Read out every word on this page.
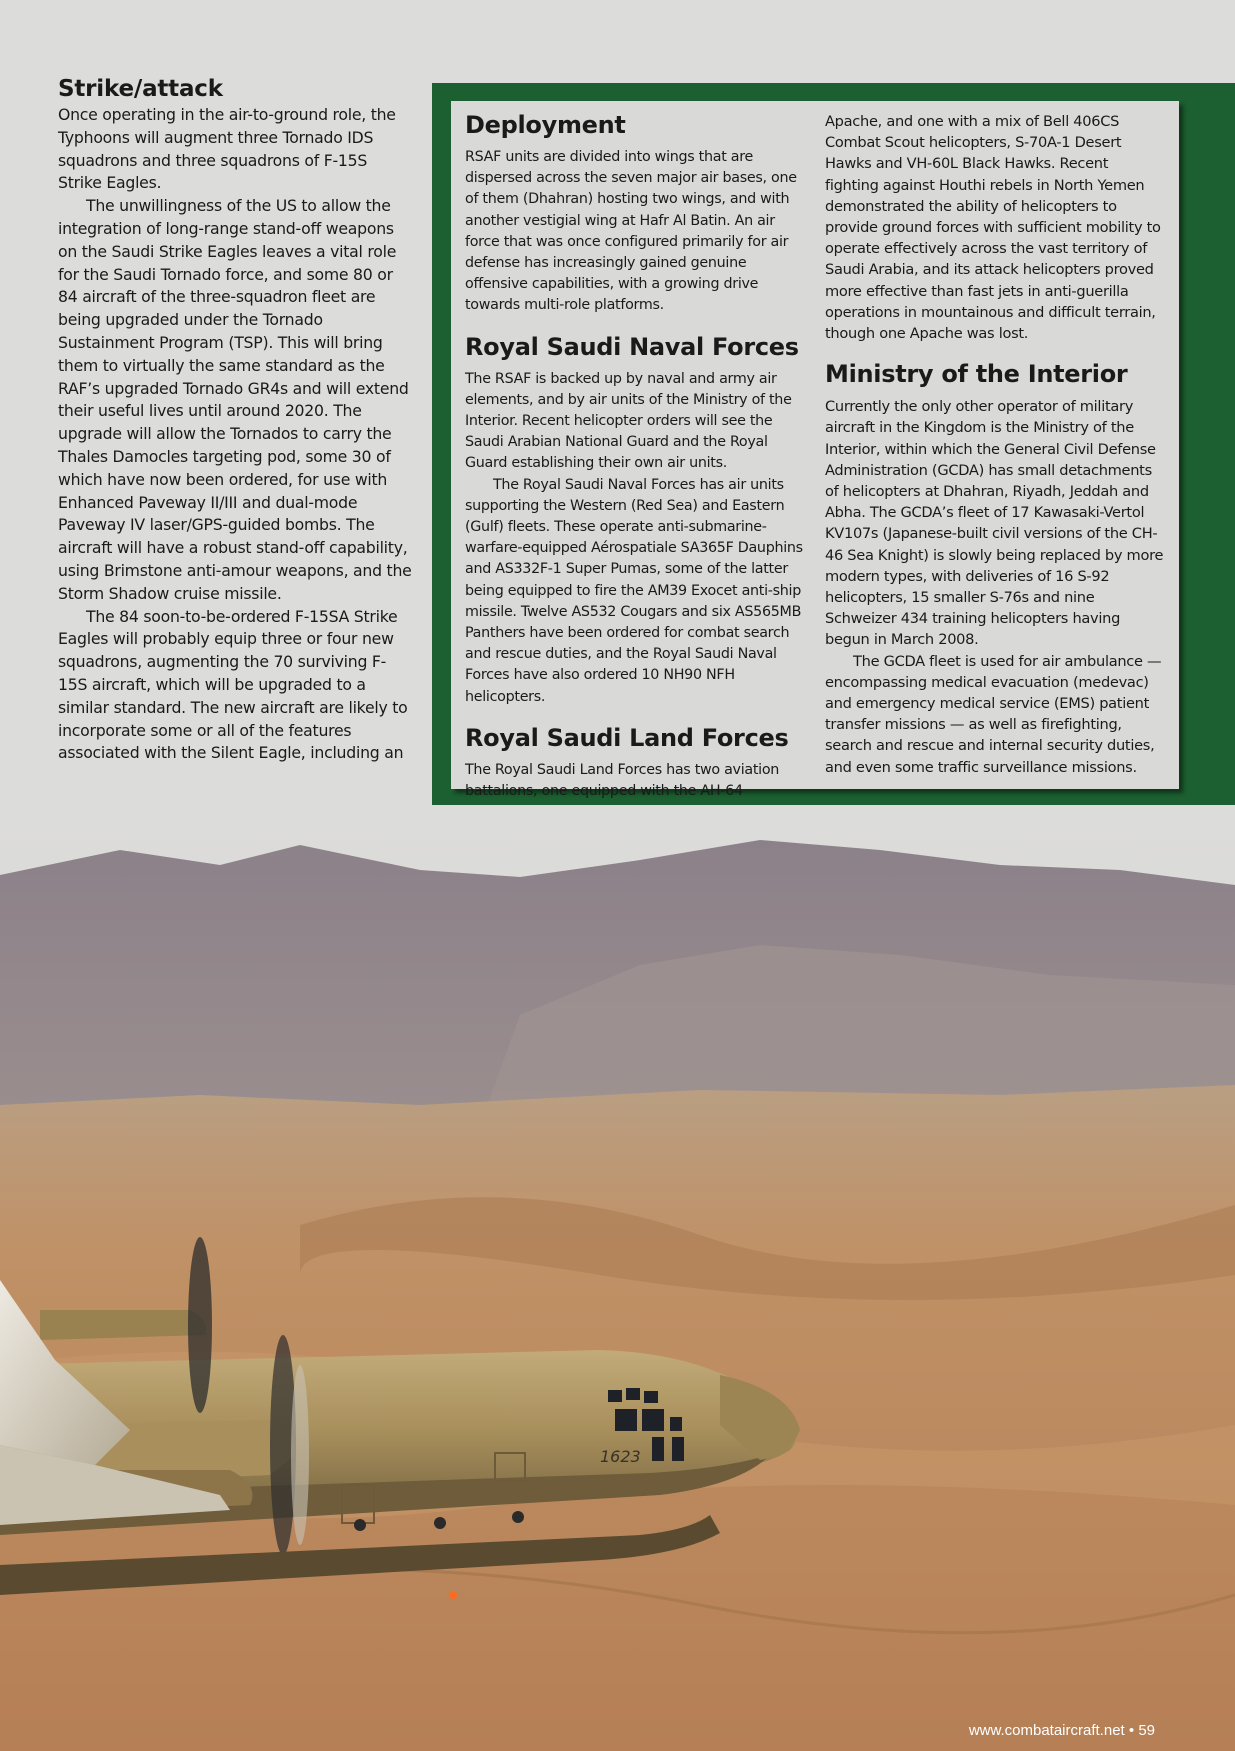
Strike/attack

Once operating in the air-to-ground role, the Typhoons will augment three Tornado IDS squadrons and three squadrons of F-15S Strike Eagles.

The unwillingness of the US to allow the integration of long-range stand-off weapons on the Saudi Strike Eagles leaves a vital role for the Saudi Tornado force, and some 80 or 84 aircraft of the three-squadron fleet are being upgraded under the Tornado Sustainment Program (TSP). This will bring them to virtually the same standard as the RAF’s upgraded Tornado GR4s and will extend their useful lives until around 2020. The upgrade will allow the Tornados to carry the Thales Damocles targeting pod, some 30 of which have now been ordered, for use with Enhanced Paveway II/III and dual-mode Paveway IV laser/GPS-guided bombs. The aircraft will have a robust stand-off capability, using Brimstone anti-amour weapons, and the Storm Shadow cruise missile.

The 84 soon-to-be-ordered F-15SA Strike Eagles will probably equip three or four new squadrons, augmenting the 70 surviving F-15S aircraft, which will be upgraded to a similar standard. The new aircraft are likely to incorporate some or all of the features associated with the Silent Eagle, including an

Deployment

RSAF units are divided into wings that are dispersed across the seven major air bases, one of them (Dhahran) hosting two wings, and with another vestigial wing at Hafr Al Batin. An air force that was once configured primarily for air defense has increasingly gained genuine offensive capabilities, with a growing drive towards multi-role platforms.

Royal Saudi Naval Forces

The RSAF is backed up by naval and army air elements, and by air units of the Ministry of the Interior. Recent helicopter orders will see the Saudi Arabian National Guard and the Royal Guard establishing their own air units.

The Royal Saudi Naval Forces has air units supporting the Western (Red Sea) and Eastern (Gulf) fleets. These operate anti-submarine-warfare-equipped Aérospatiale SA365F Dauphins and AS332F-1 Super Pumas, some of the latter being equipped to fire the AM39 Exocet anti-ship missile. Twelve AS532 Cougars and six AS565MB Panthers have been ordered for combat search and rescue duties, and the Royal Saudi Naval Forces have also ordered 10 NH90 NFH helicopters.

Royal Saudi Land Forces

The Royal Saudi Land Forces has two aviation battalions, one equipped with the AH-64

Apache, and one with a mix of Bell 406CS Combat Scout helicopters, S-70A-1 Desert Hawks and VH-60L Black Hawks. Recent fighting against Houthi rebels in North Yemen demonstrated the ability of helicopters to provide ground forces with sufficient mobility to operate effectively across the vast territory of Saudi Arabia, and its attack helicopters proved more effective than fast jets in anti-guerilla operations in mountainous and difficult terrain, though one Apache was lost.

Ministry of the Interior

Currently the only other operator of military aircraft in the Kingdom is the Ministry of the Interior, within which the General Civil Defense Administration (GCDA) has small detachments of helicopters at Dhahran, Riyadh, Jeddah and Abha. The GCDA’s fleet of 17 Kawasaki-Vertol KV107s (Japanese-built civil versions of the CH-46 Sea Knight) is slowly being replaced by more modern types, with deliveries of 16 S-92 helicopters, 15 smaller S-76s and nine Schweizer 434 training helicopters having begun in March 2008.

The GCDA fleet is used for air ambulance — encompassing medical evacuation (medevac) and emergency medical service (EMS) patient transfer missions — as well as firefighting, search and rescue and internal security duties, and even some traffic surveillance missions.

1623
www.combataircraft.net • 59
